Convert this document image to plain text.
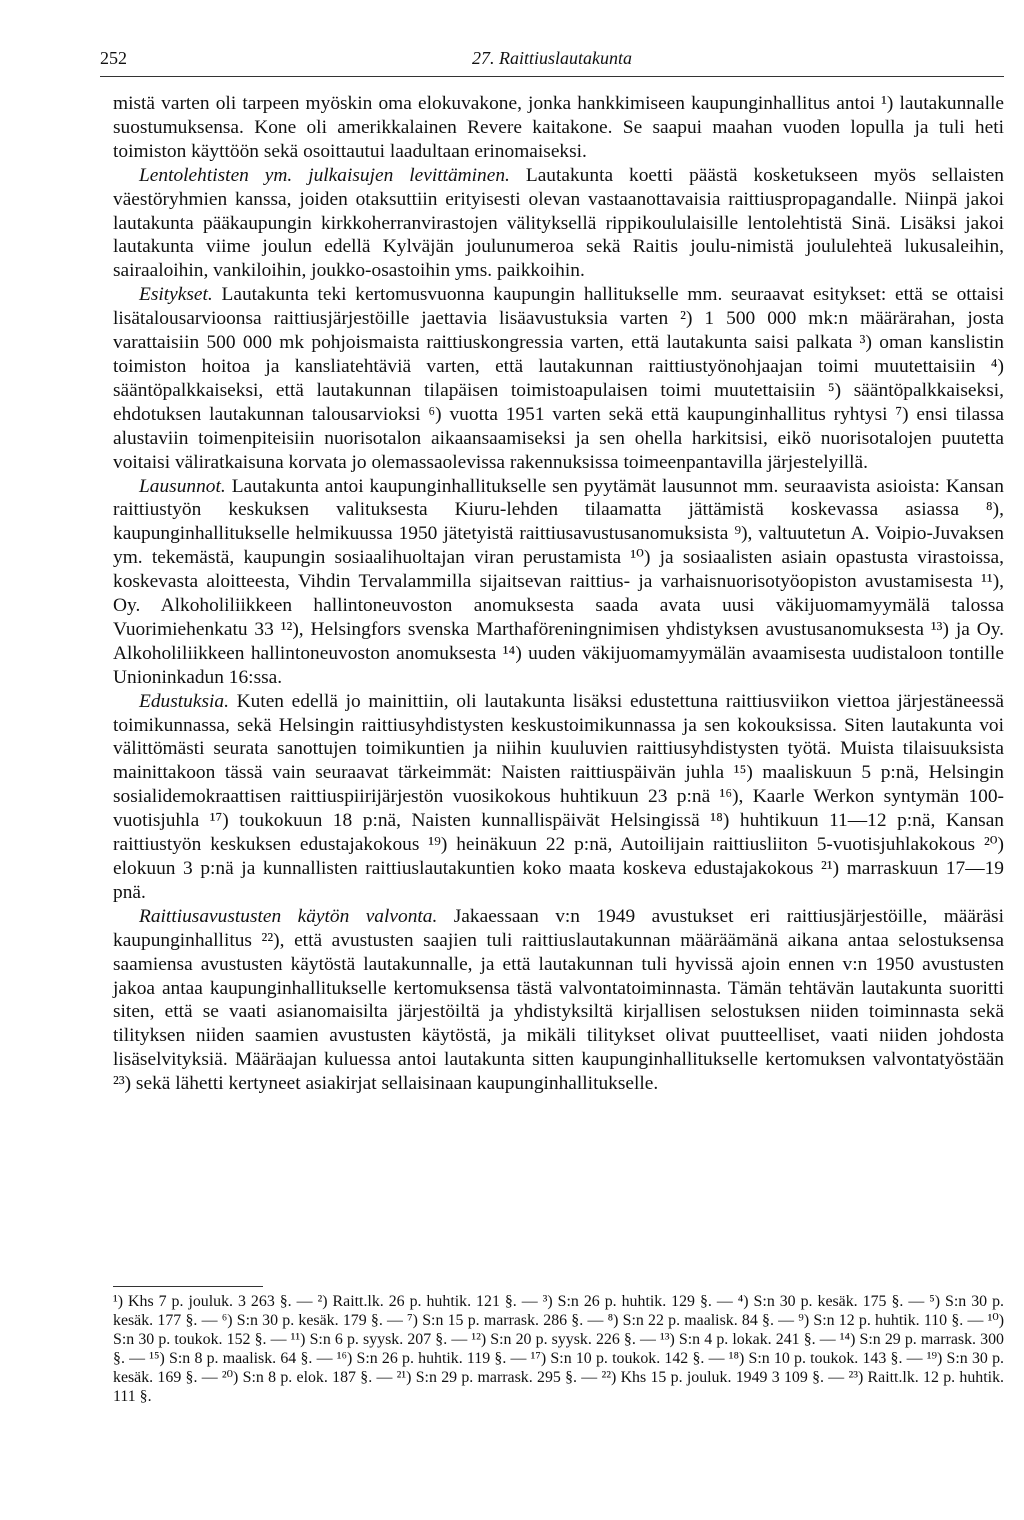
252	27. Raittiuslautakunta

mistä varten oli tarpeen myöskin oma elokuvakone, jonka hankkimiseen kaupunginhallitus antoi ¹) lautakunnalle suostumuksensa. Kone oli amerikkalainen Revere kaitakone. Se saapui maahan vuoden lopulla ja tuli heti toimiston käyttöön sekä osoittautui laadultaan erinomaiseksi.

Lentolehtisten ym. julkaisujen levittäminen. Lautakunta koetti päästä kosketukseen myös sellaisten väestöryhmien kanssa, joiden otaksuttiin erityisesti olevan vastaanottavaisia raittiuspropagandalle. Niinpä jakoi lautakunta pääkaupungin kirkkoherranvirastojen välityksellä rippikoululaisille lentolehtistä Sinä. Lisäksi jakoi lautakunta viime joulun edellä Kylväjän joulunumeroa sekä Raitis joulu-nimistä joululehteä lukusaleihin, sairaaloihin, vankiloihin, joukko-osastoihin yms. paikkoihin.

Esitykset. Lautakunta teki kertomusvuonna kaupungin hallitukselle mm. seuraavat esitykset: että se ottaisi lisätalousarvioonsa raittiusjärjestöille jaettavia lisäavustuksia varten ²) 1 500 000 mk:n määrärahan, josta varattaisiin 500 000 mk pohjoismaista raittiuskongressia varten, että lautakunta saisi palkata ³) oman kanslistin toimiston hoitoa ja kansliatehtäviä varten, että lautakunnan raittiustyönohjaajan toimi muutettaisiin ⁴) sääntöpalkkaiseksi, että lautakunnan tilapäisen toimistoapulaisen toimi muutettaisiin ⁵) sääntöpalkkaiseksi, ehdotuksen lautakunnan talousarvioksi ⁶) vuotta 1951 varten sekä että kaupunginhallitus ryhtysi ⁷) ensi tilassa alustaviin toimenpiteisiin nuorisotalon aikaansaamiseksi ja sen ohella harkitsisi, eikö nuorisotalojen puutetta voitaisi väliratkaisuna korvata jo olemassaolevissa rakennuksissa toimeenpantavilla järjestelyillä.

Lausunnot. Lautakunta antoi kaupunginhallitukselle sen pyytämät lausunnot mm. seuraavista asioista: Kansan raittiustyön keskuksen valituksesta Kiuru-lehden tilaamatta jättämistä koskevassa asiassa ⁸), kaupunginhallitukselle helmikuussa 1950 jätetyistä raittiusavustusanomuksista ⁹), valtuutetun A. Voipio-Juvaksen ym. tekemästä, kaupungin sosiaalihuoltajan viran perustamista ¹⁰) ja sosiaalisten asiain opastusta virastoissa, koskevasta aloitteesta, Vihdin Tervalammilla sijaitsevan raittius- ja varhaisnuorisotyöopiston avustamisesta ¹¹), Oy. Alkoholiliikkeen hallintoneuvoston anomuksesta saada avata uusi väkijuomamyymälä talossa Vuorimiehenkatu 33 ¹²), Helsingfors svenska Marthaföreningnimisen yhdistyksen avustusanomuksesta ¹³) ja Oy. Alkoholiliikkeen hallintoneuvoston anomuksesta ¹⁴) uuden väkijuomamyymälän avaamisesta uudistaloon tontille Unioninkadun 16:ssa.

Edustuksia. Kuten edellä jo mainittiin, oli lautakunta lisäksi edustettuna raittiusviikon viettoa järjestäneessä toimikunnassa, sekä Helsingin raittiusyhdistysten keskustoimikunnassa ja sen kokouksissa. Siten lautakunta voi välittömästi seurata sanottujen toimikuntien ja niihin kuuluvien raittiusyhdistysten työtä. Muista tilaisuuksista mainittakoon tässä vain seuraavat tärkeimmät: Naisten raittiuspäivän juhla ¹⁵) maaliskuun 5 p:nä, Helsingin sosialidemokraattisen raittiuspiirijärjestön vuosikokous huhtikuun 23 p:nä ¹⁶), Kaarle Werkon syntymän 100-vuotisjuhla ¹⁷) toukokuun 18 p:nä, Naisten kunnallispäivät Helsingissä ¹⁸) huhtikuun 11—12 p:nä, Kansan raittiustyön keskuksen edustajakokous ¹⁹) heinäkuun 22 p:nä, Autoilijain raittiusliiton 5-vuotisjuhlakokous ²⁰) elokuun 3 p:nä ja kunnallisten raittiuslautakuntien koko maata koskeva edustajakokous ²¹) marraskuun 17—19 pnä.

Raittiusavustusten käytön valvonta. Jakaessaan v:n 1949 avustukset eri raittiusjärjestöille, määräsi kaupunginhallitus ²²), että avustusten saajien tuli raittiuslautakunnan määräämänä aikana antaa selostuksensa saamiensa avustusten käytöstä lautakunnalle, ja että lautakunnan tuli hyvissä ajoin ennen v:n 1950 avustusten jakoa antaa kaupunginhallitukselle kertomuksensa tästä valvontatoiminnasta. Tämän tehtävän lautakunta suoritti siten, että se vaati asianomaisilta järjestöiltä ja yhdistyksiltä kirjallisen selostuksen niiden toiminnasta sekä tilityksen niiden saamien avustusten käytöstä, ja mikäli tilitykset olivat puutteelliset, vaati niiden johdosta lisäselvityksiä. Määräajan kuluessa antoi lautakunta sitten kaupunginhallitukselle kertomuksen valvontatyöstään ²³) sekä lähetti kertyneet asiakirjat sellaisinaan kaupunginhallitukselle.

¹) Khs 7 p. jouluk. 3 263 §. — ²) Raitt.lk. 26 p. huhtik. 121 §. — ³) S:n 26 p. huhtik. 129 §. — ⁴) S:n 30 p. kesäk. 175 §. — ⁵) S:n 30 p. kesäk. 177 §. — ⁶) S:n 30 p. kesäk. 179 §. — ⁷) S:n 15 p. marrask. 286 §. — ⁸) S:n 22 p. maalisk. 84 §. — ⁹) S:n 12 p. huhtik. 110 §. — ¹⁰) S:n 30 p. toukok. 152 §. — ¹¹) S:n 6 p. syysk. 207 §. — ¹²) S:n 20 p. syysk. 226 §. — ¹³) S:n 4 p. lokak. 241 §. — ¹⁴) S:n 29 p. marrask. 300 §. — ¹⁵) S:n 8 p. maalisk. 64 §. — ¹⁶) S:n 26 p. huhtik. 119 §. — ¹⁷) S:n 10 p. toukok. 142 §. — ¹⁸) S:n 10 p. toukok. 143 §. — ¹⁹) S:n 30 p. kesäk. 169 §. — ²⁰) S:n 8 p. elok. 187 §. — ²¹) S:n 29 p. marrask. 295 §. — ²²) Khs 15 p. jouluk. 1949 3 109 §. — ²³) Raitt.lk. 12 p. huhtik. 111 §.
